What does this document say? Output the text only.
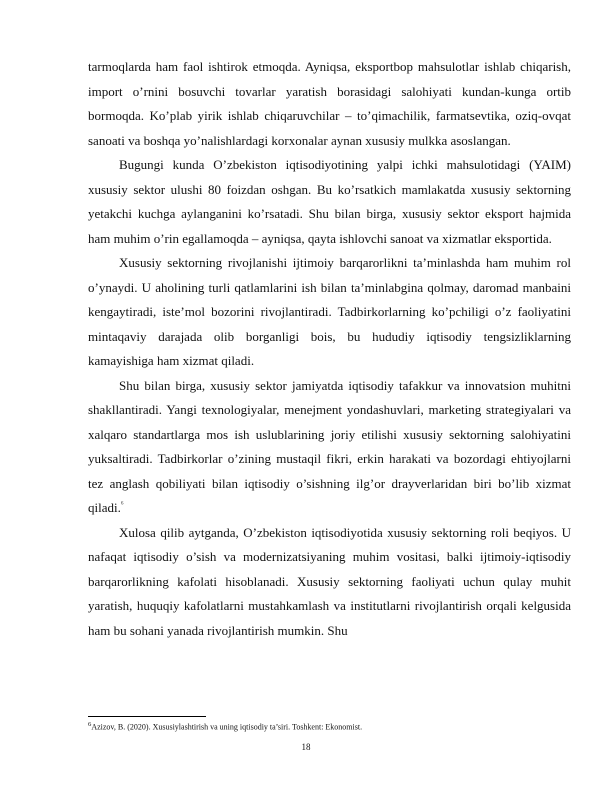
tarmoqlarda ham faol ishtirok etmoqda. Ayniqsa, eksportbop mahsulotlar ishlab chiqarish, import o’rnini bosuvchi tovarlar yaratish borasidagi salohiyati kundan-kunga ortib bormoqda. Ko’plab yirik ishlab chiqaruvchilar – to’qimachilik, farmatsevtika, oziq-ovqat sanoati va boshqa yo’nalishlardagi korxonalar aynan xususiy mulkka asoslangan.

Bugungi kunda O’zbekiston iqtisodiyotining yalpi ichki mahsulotidagi (YAIM) xususiy sektor ulushi 80 foizdan oshgan. Bu ko’rsatkich mamlakatda xususiy sektorning yetakchi kuchga aylanganini ko’rsatadi. Shu bilan birga, xususiy sektor eksport hajmida ham muhim o’rin egallamoqda – ayniqsa, qayta ishlovchi sanoat va xizmatlar eksportida.

Xususiy sektorning rivojlanishi ijtimoiy barqarorlikni ta’minlashda ham muhim rol o’ynaydi. U aholining turli qatlamlarini ish bilan ta’minlabgina qolmay, daromad manbaini kengaytiradi, iste’mol bozorini rivojlantiradi. Tadbirkorlarning ko’pchiligi o’z faoliyatini mintaqaviy darajada olib borganligi bois, bu hududiy iqtisodiy tengsizliklarning kamayishiga ham xizmat qiladi.

Shu bilan birga, xususiy sektor jamiyatda iqtisodiy tafakkur va innovatsion muhitni shakllantiradi. Yangi texnologiyalar, menejment yondashuvlari, marketing strategiyalari va xalqaro standartlarga mos ish uslublarining joriy etilishi xususiy sektorning salohiyatini yuksaltiradi. Tadbirkorlar o’zining mustaqil fikri, erkin harakati va bozordagi ehtiyojlarni tez anglash qobiliyati bilan iqtisodiy o’sishning ilg’or drayverlaridan biri bo’lib xizmat qiladi.$^{^6}$

Xulosa qilib aytganda, O’zbekiston iqtisodiyotida xususiy sektorning roli beqiyos. U nafaqat iqtisodiy o’sish va modernizatsiyaning muhim vositasi, balki ijtimoiy-iqtisodiy barqarorlikning kafolati hisoblanadi. Xususiy sektorning faoliyati uchun qulay muhit yaratish, huquqiy kafolatlarni mustahkamlash va institutlarni rivojlantirish orqali kelgusida ham bu sohani yanada rivojlantirish mumkin. Shu

$^6$Azizov, B. (2020). Xususiylashtirish va uning iqtisodiy ta’siri. Toshkent: Ekonomist.

18
